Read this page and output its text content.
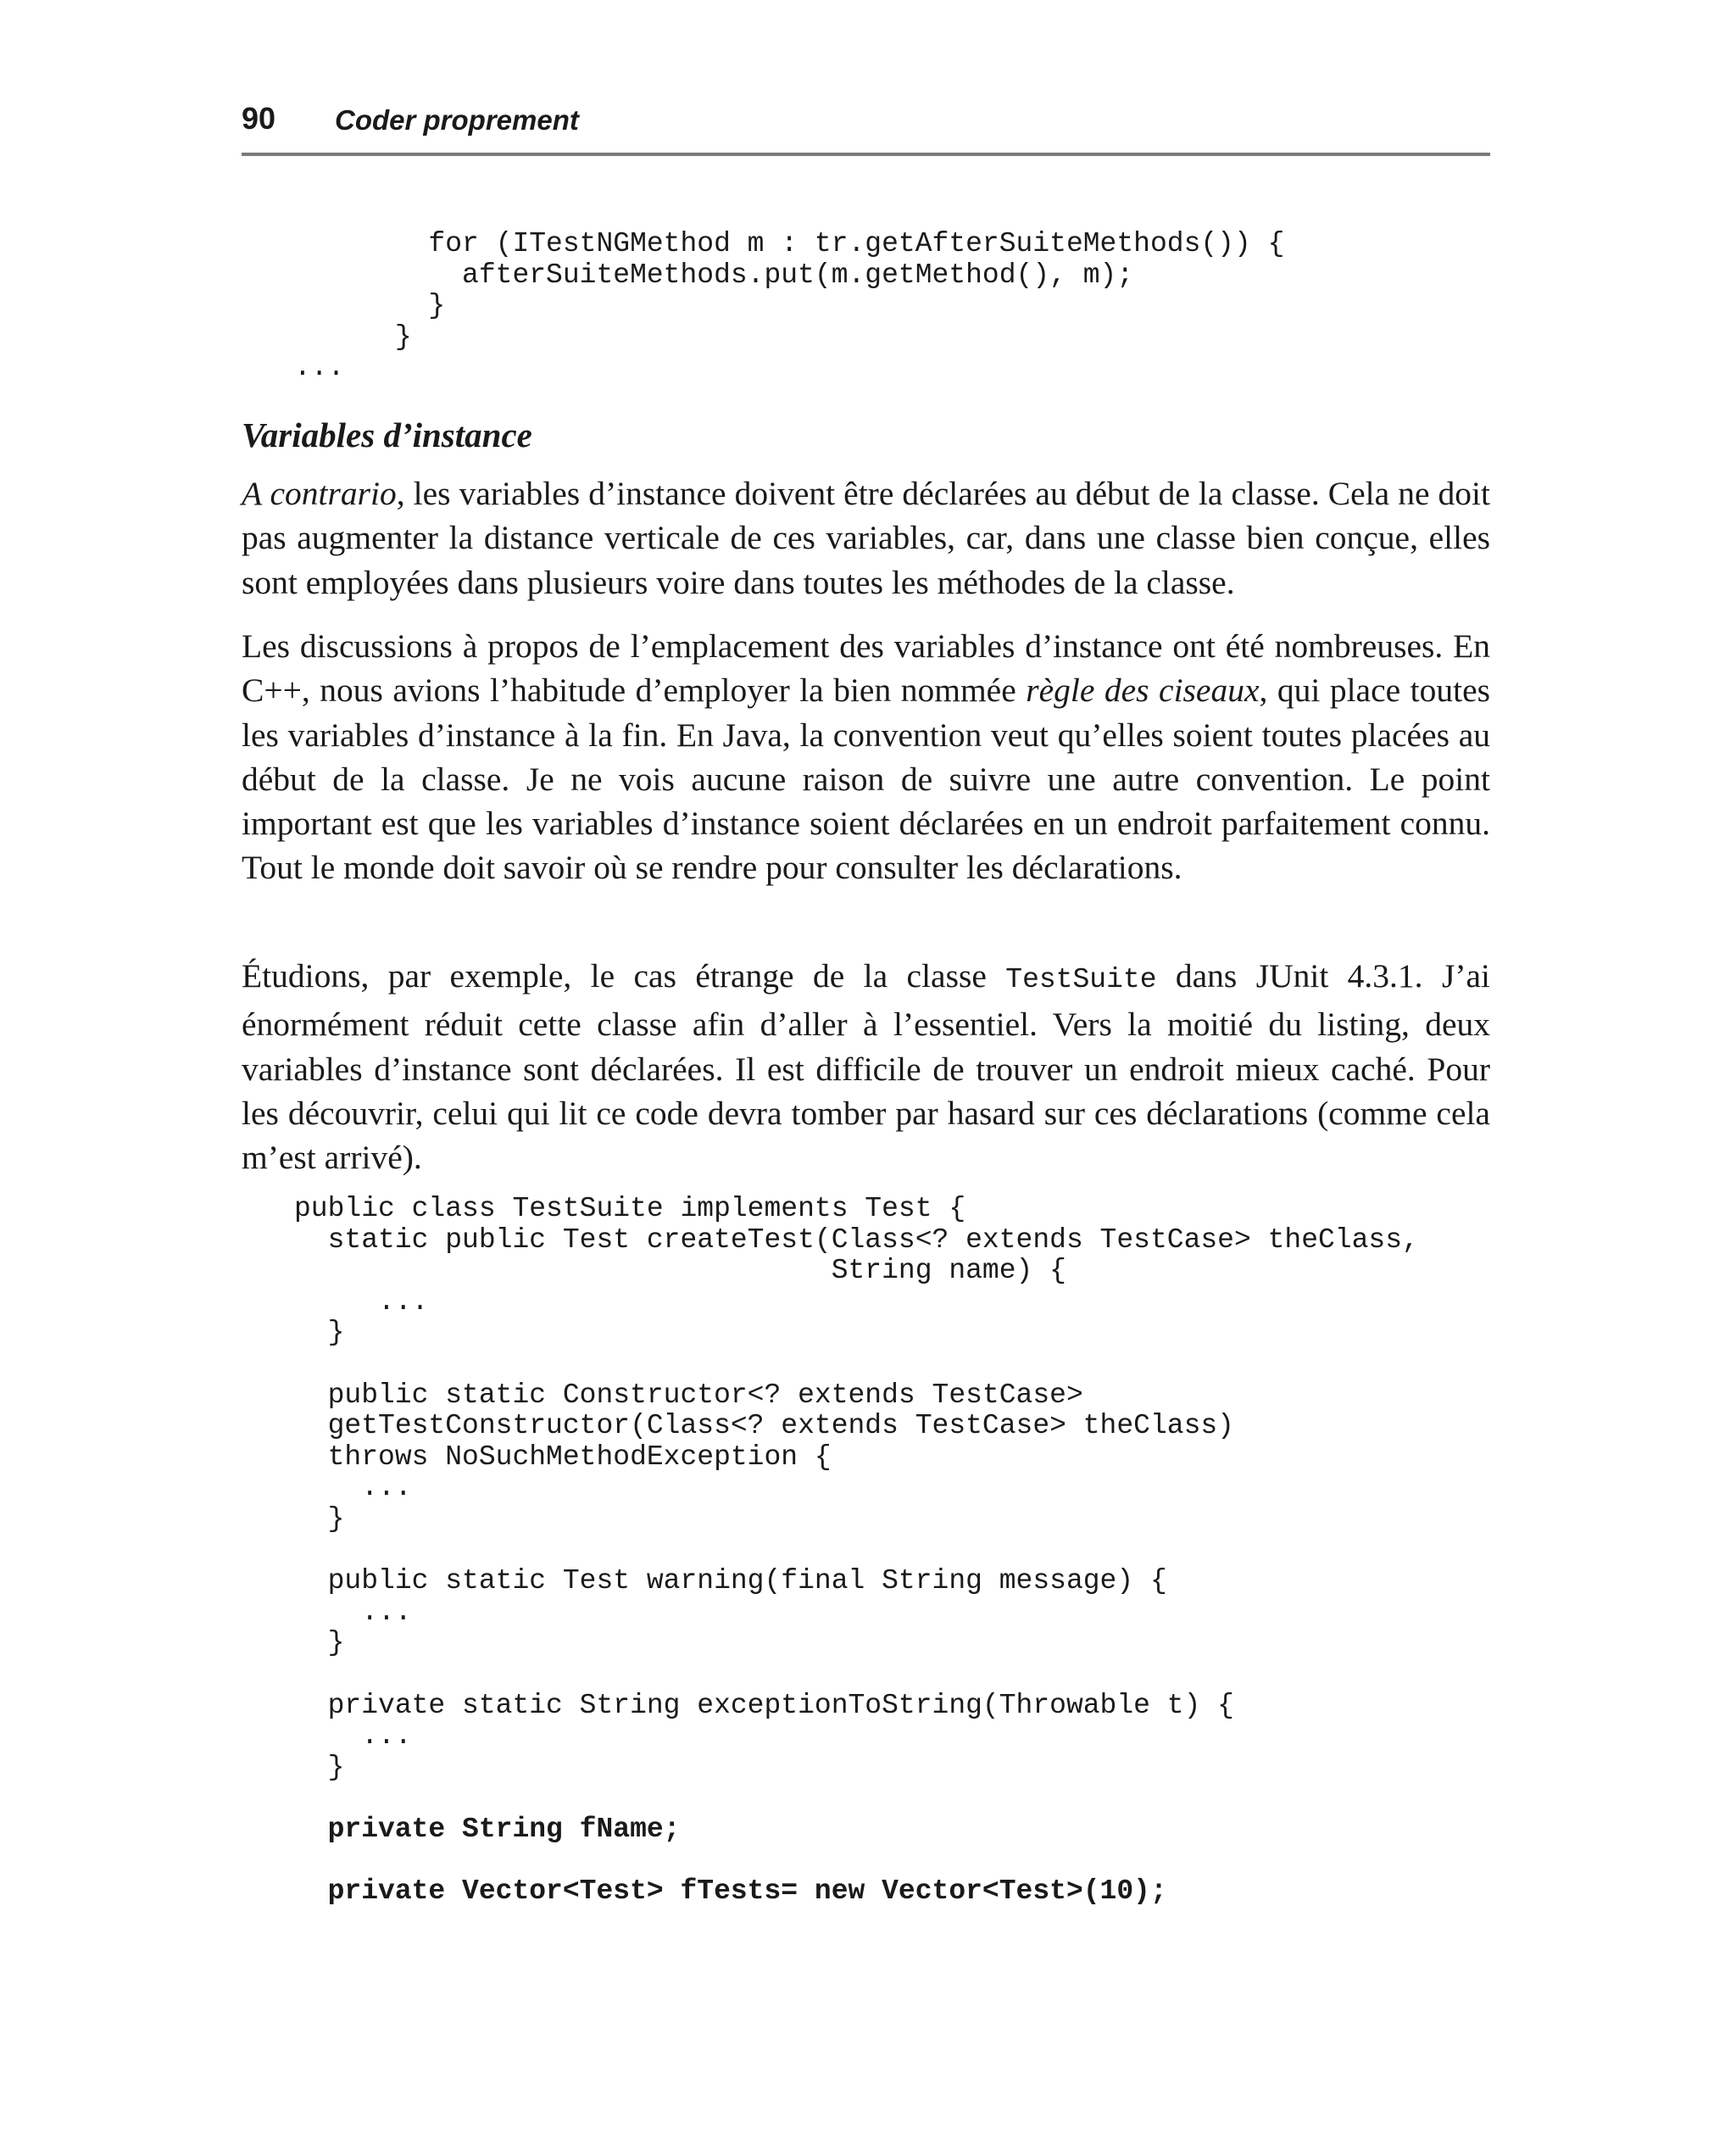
90 Coder proprement
for (ITestNGMethod m : tr.getAfterSuiteMethods()) {
afterSuiteMethods.put(m.getMethod(), m);
}
}
...
Variables d’instance

A contrario, les variables d’instance doivent être déclarées au début de la classe. Cela ne doit pas augmenter la distance verticale de ces variables, car, dans une classe bien conçue, elles sont employées dans plusieurs voire dans toutes les méthodes de la classe.

Les discussions à propos de l’emplacement des variables d’instance ont été nombreuses. En C++, nous avions l’habitude d’employer la bien nommée règle des ciseaux, qui place toutes les variables d’instance à la fin. En Java, la convention veut qu’elles soient toutes placées au début de la classe. Je ne vois aucune raison de suivre une autre convention. Le point important est que les variables d’instance soient déclarées en un endroit parfaitement connu. Tout le monde doit savoir où se rendre pour consulter les déclarations.

Étudions, par exemple, le cas étrange de la classe TestSuite dans JUnit 4.3.1. J’ai énormément réduit cette classe afin d’aller à l’essentiel. Vers la moitié du listing, deux variables d’instance sont déclarées. Il est difficile de trouver un endroit mieux caché. Pour les découvrir, celui qui lit ce code devra tomber par hasard sur ces déclarations (comme cela m’est arrivé).

public class TestSuite implements Test {
static public Test createTest(Class<? extends TestCase> theClass,
String name) {
...
}
public static Constructor<? extends TestCase>
getTestConstructor(Class<? extends TestCase> theClass)
throws NoSuchMethodException {
...
}
public static Test warning(final String message) {
...
}
private static String exceptionToString(Throwable t) {
...
}
private String fName;
private Vector<Test> fTests= new Vector<Test>(10);
